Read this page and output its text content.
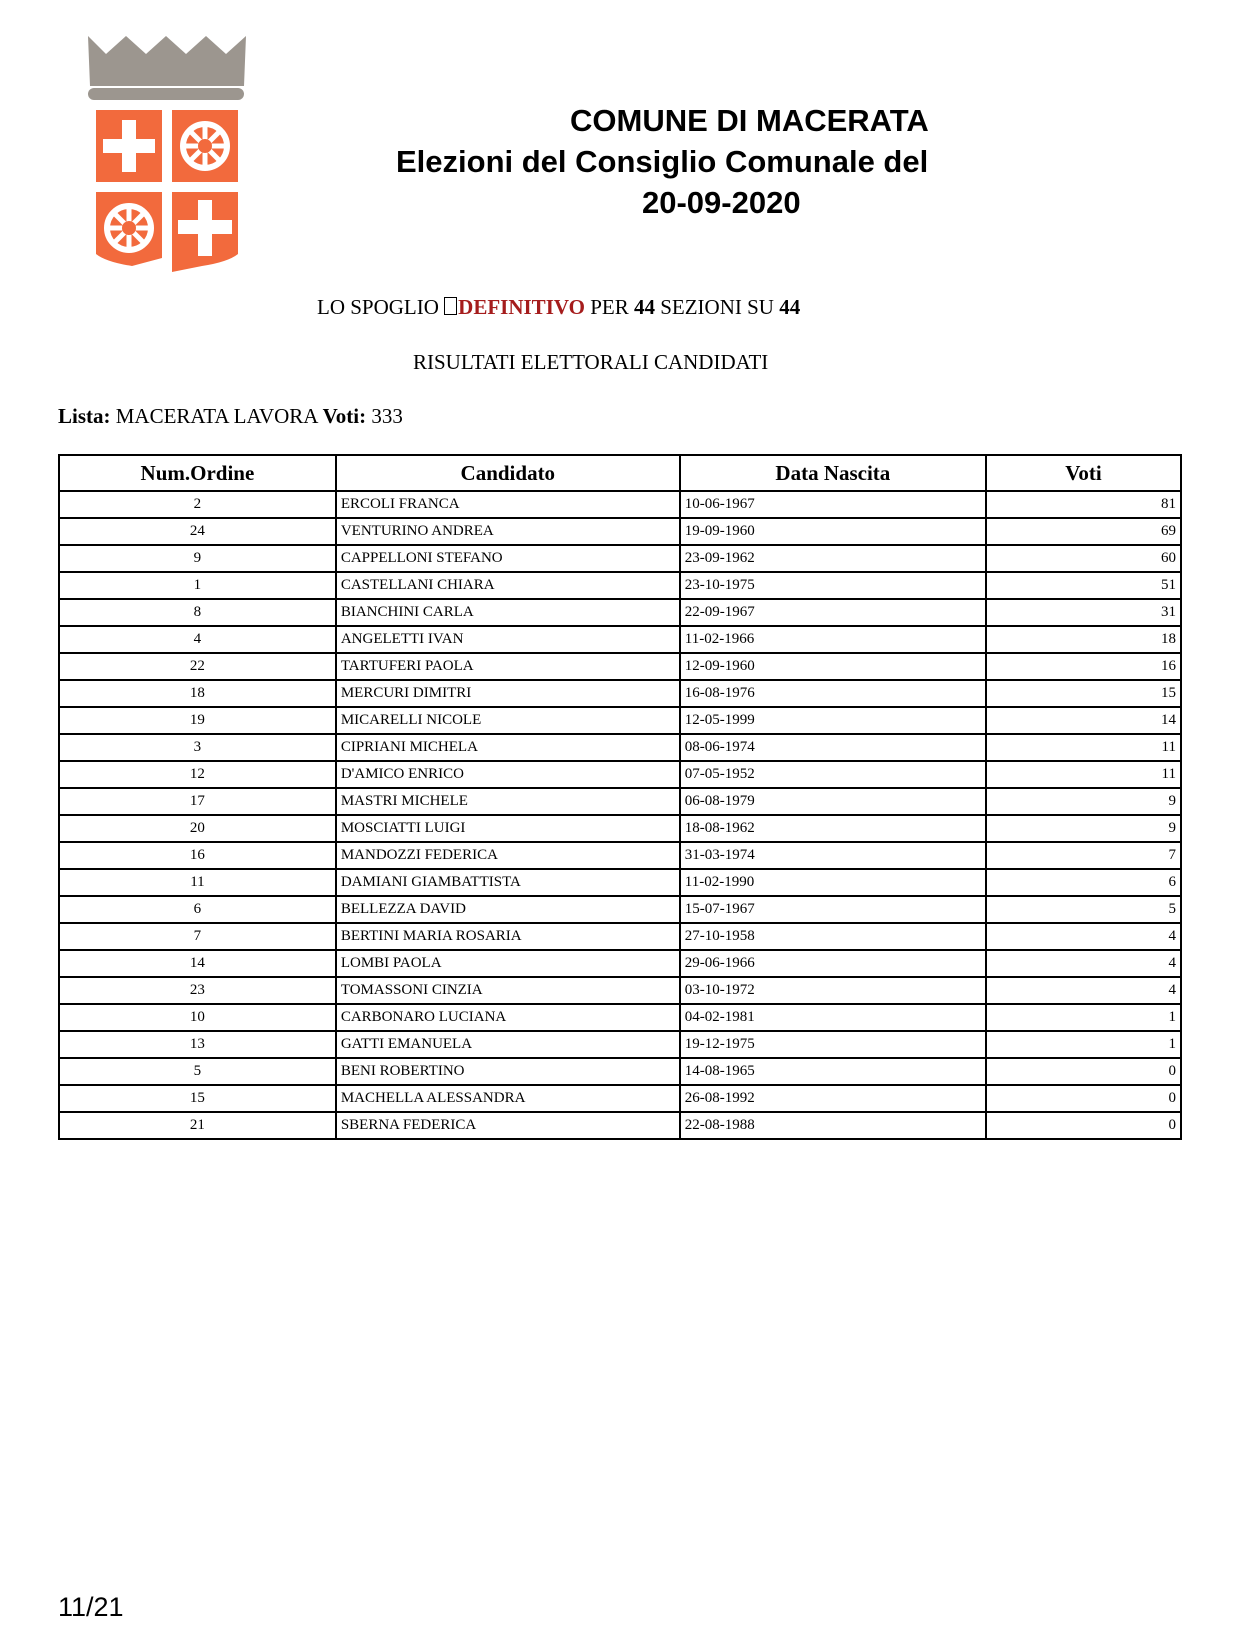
COMUNE DI MACERATA
Elezioni del Consiglio Comunale del
20-09-2020
LO SPOGLIO DEFINITIVO PER 44 SEZIONI SU 44
RISULTATI ELETTORALI CANDIDATI
Lista: MACERATA LAVORA Voti: 333
Num.Ordine	Candidato	Data Nascita	Voti
2	ERCOLI FRANCA	10-06-1967	81
24	VENTURINO ANDREA	19-09-1960	69
9	CAPPELLONI STEFANO	23-09-1962	60
1	CASTELLANI CHIARA	23-10-1975	51
8	BIANCHINI CARLA	22-09-1967	31
4	ANGELETTI IVAN	11-02-1966	18
22	TARTUFERI PAOLA	12-09-1960	16
18	MERCURI DIMITRI	16-08-1976	15
19	MICARELLI NICOLE	12-05-1999	14
3	CIPRIANI MICHELA	08-06-1974	11
12	D'AMICO ENRICO	07-05-1952	11
17	MASTRI MICHELE	06-08-1979	9
20	MOSCIATTI LUIGI	18-08-1962	9
16	MANDOZZI FEDERICA	31-03-1974	7
11	DAMIANI GIAMBATTISTA	11-02-1990	6
6	BELLEZZA DAVID	15-07-1967	5
7	BERTINI MARIA ROSARIA	27-10-1958	4
14	LOMBI PAOLA	29-06-1966	4
23	TOMASSONI CINZIA	03-10-1972	4
10	CARBONARO LUCIANA	04-02-1981	1
13	GATTI EMANUELA	19-12-1975	1
5	BENI ROBERTINO	14-08-1965	0
15	MACHELLA ALESSANDRA	26-08-1992	0
21	SBERNA FEDERICA	22-08-1988	0
11/21
